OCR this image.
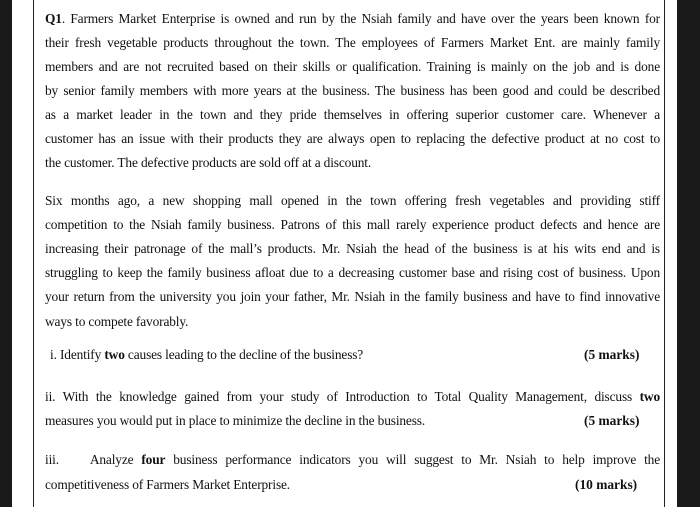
Q1. Farmers Market Enterprise is owned and run by the Nsiah family and have over the years been known for
their fresh vegetable products throughout the town. The employees of Farmers Market Ent. are mainly family
members and are not recruited based on their skills or qualification. Training is mainly on the job and is done
by senior family members with more years at the business. The business has been good and could be described
as a market leader in the town and they pride themselves in offering superior customer care. Whenever a
customer has an issue with their products they are always open to replacing the defective product at no cost to
the customer. The defective products are sold off at a discount.
Six months ago, a new shopping mall opened in the town offering fresh vegetables and providing stiff
competition to the Nsiah family business. Patrons of this mall rarely experience product defects and hence are
increasing their patronage of the mall’s products. Mr. Nsiah the head of the business is at his wits end and is
struggling to keep the family business afloat due to a decreasing customer base and rising cost of business. Upon
your return from the university you join your father, Mr. Nsiah in the family business and have to find innovative
ways to compete favorably.
i. Identify two causes leading to the decline of the business?	(5 marks)
ii. With the knowledge gained from your study of Introduction to Total Quality Management, discuss two
measures you would put in place to minimize the decline in the business.	(5 marks)
iii.    Analyze four business performance indicators you will suggest to Mr. Nsiah to help improve the
competitiveness of Farmers Market Enterprise.	(10 marks)
